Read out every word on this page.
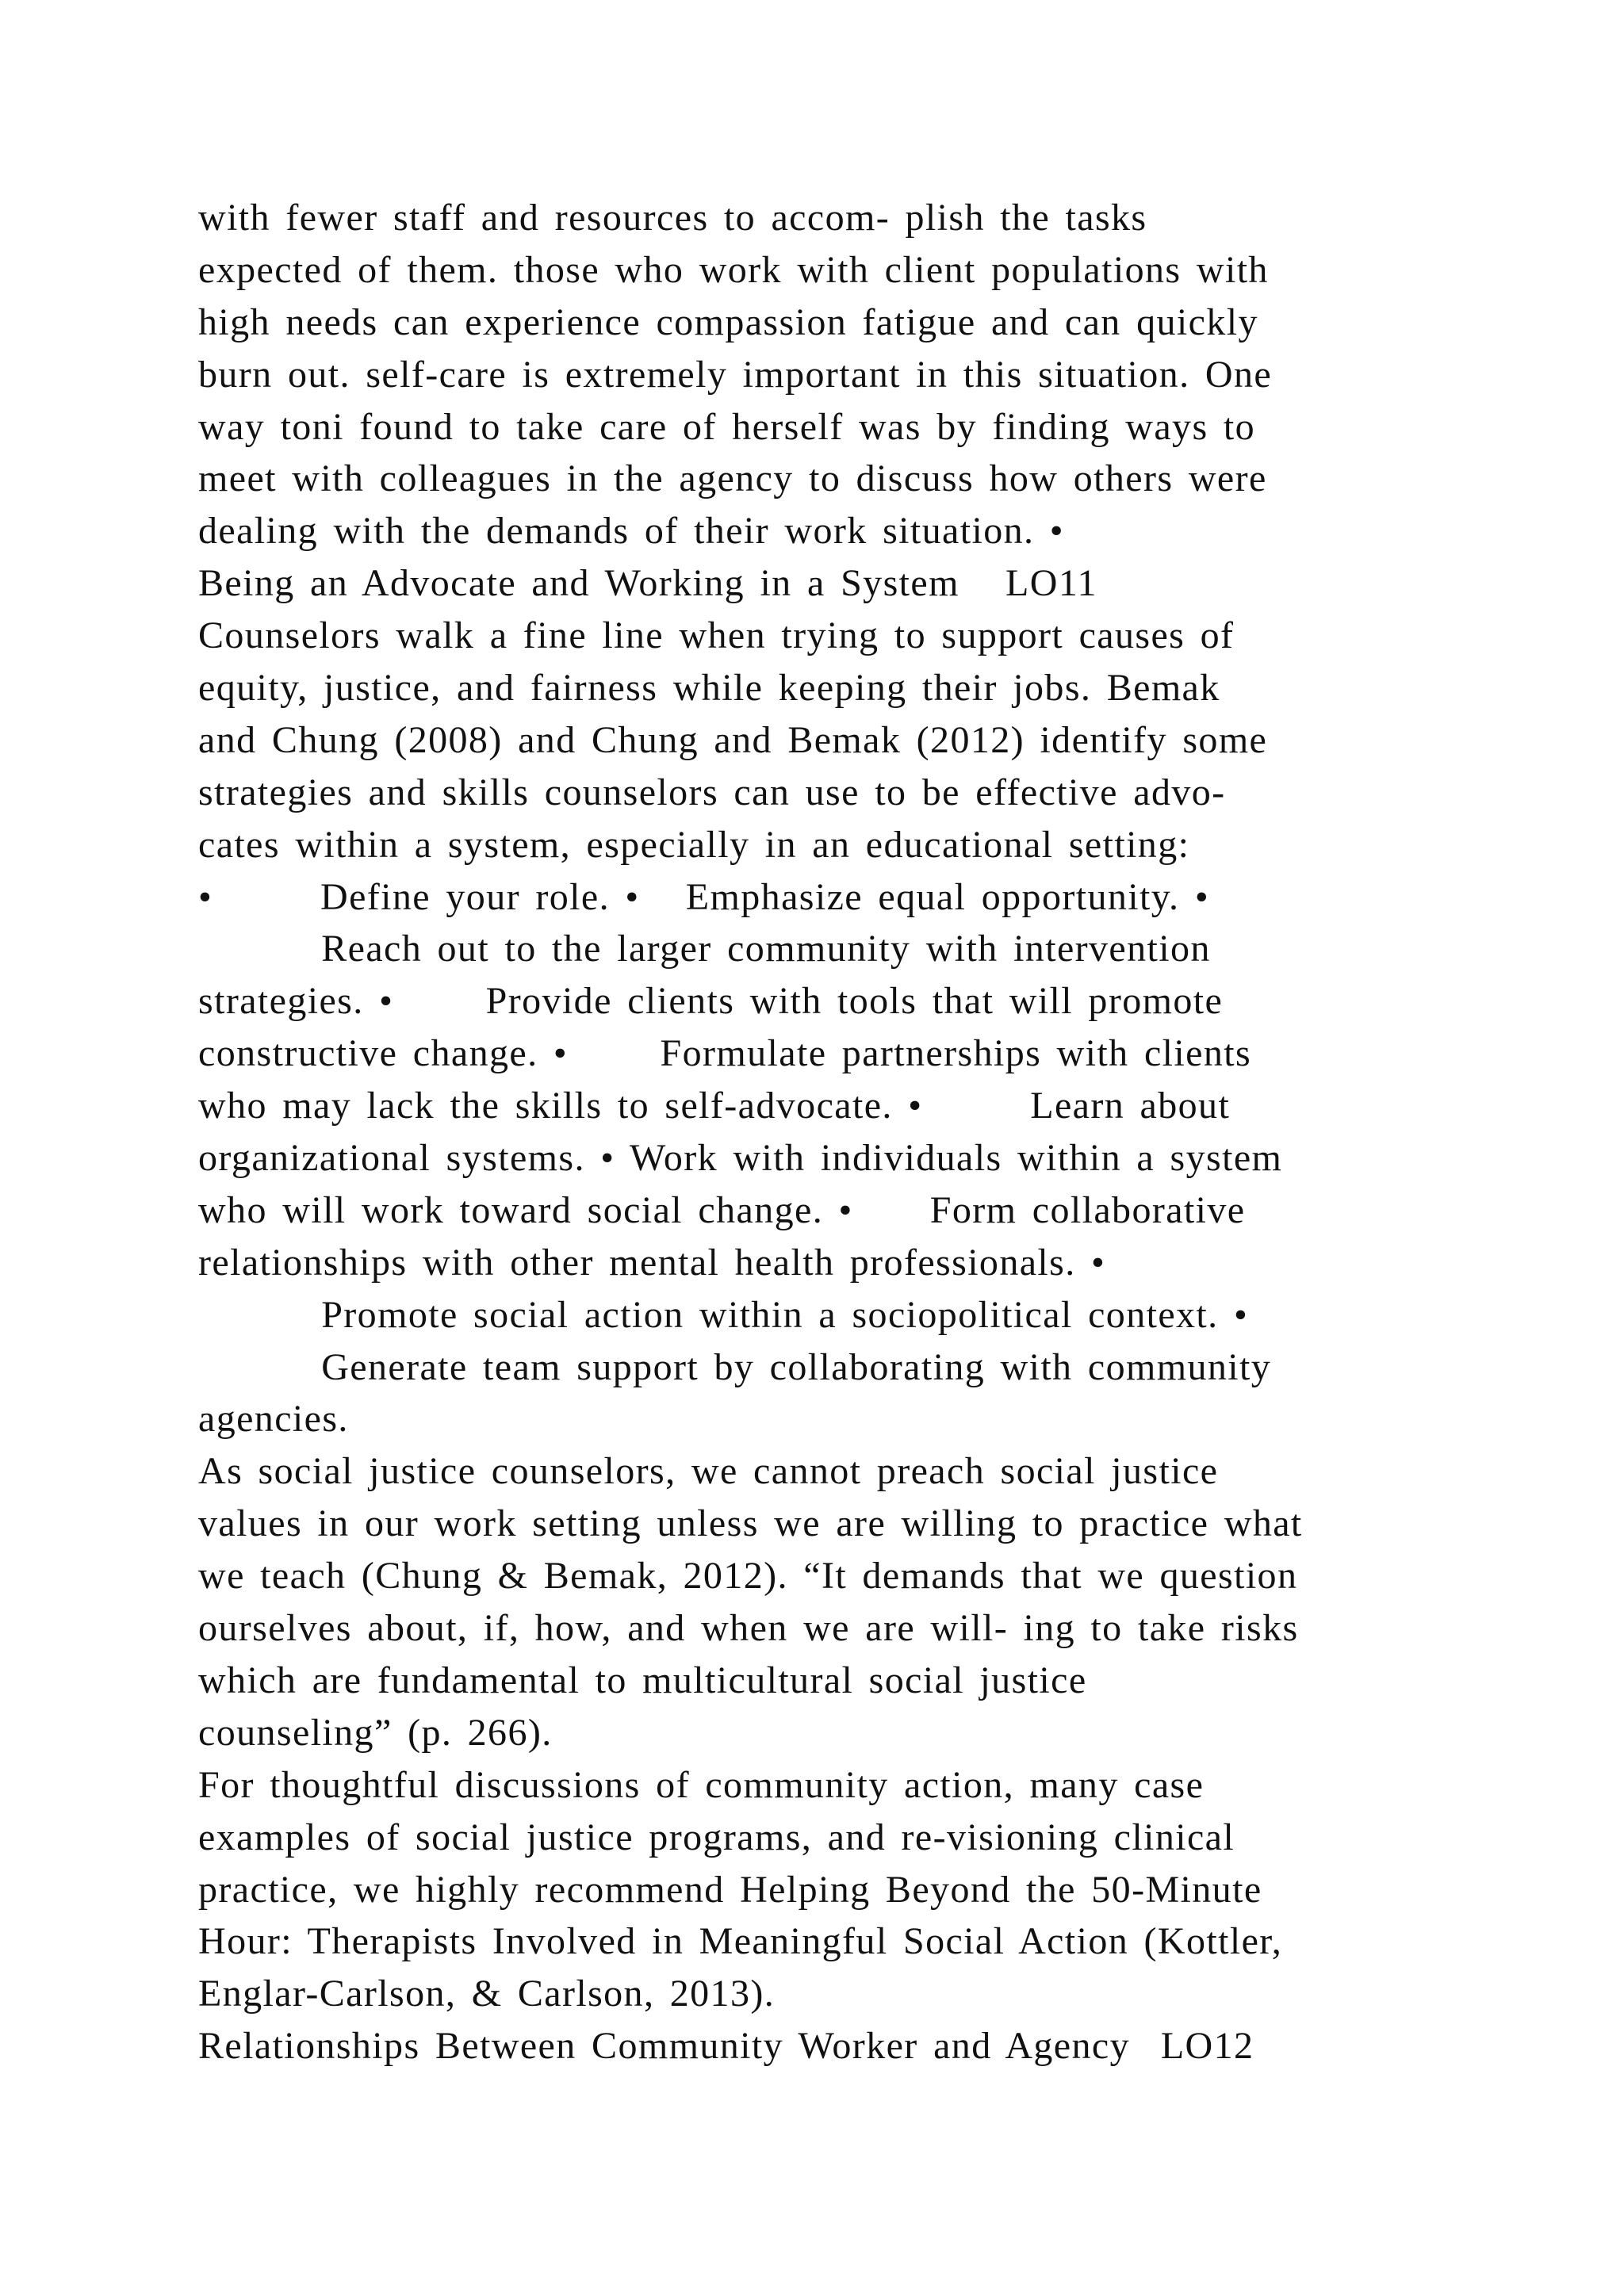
with fewer staff and resources to accom- plish the tasks
expected of them. those who work with client populations with
high needs can experience compassion fatigue and can quickly
burn out. self-care is extremely important in this situation. One
way toni found to take care of herself was by finding ways to
meet with colleagues in the agency to discuss how others were
dealing with the demands of their work situation. •
Being an Advocate and Working in a System   LO11
Counselors walk a fine line when trying to support causes of
equity, justice, and fairness while keeping their jobs. Bemak
and Chung (2008) and Chung and Bemak (2012) identify some
strategies and skills counselors can use to be effective advo-
cates within a system, especially in an educational setting:
•       Define your role. •   Emphasize equal opportunity. •
Reach out to the larger community with intervention
strategies. •      Provide clients with tools that will promote
constructive change. •      Formulate partnerships with clients
who may lack the skills to self-advocate. •       Learn about
organizational systems. • Work with individuals within a system
who will work toward social change. •     Form collaborative
relationships with other mental health professionals. •
Promote social action within a sociopolitical context. •
Generate team support by collaborating with community
agencies.
As social justice counselors, we cannot preach social justice
values in our work setting unless we are willing to practice what
we teach (Chung & Bemak, 2012). “It demands that we question
ourselves about, if, how, and when we are will- ing to take risks
which are fundamental to multicultural social justice
counseling” (p. 266).
For thoughtful discussions of community action, many case
examples of social justice programs, and re-visioning clinical
practice, we highly recommend Helping Beyond the 50-Minute
Hour: Therapists Involved in Meaningful Social Action (Kottler,
Englar-Carlson, & Carlson, 2013).
Relationships Between Community Worker and Agency  LO12
